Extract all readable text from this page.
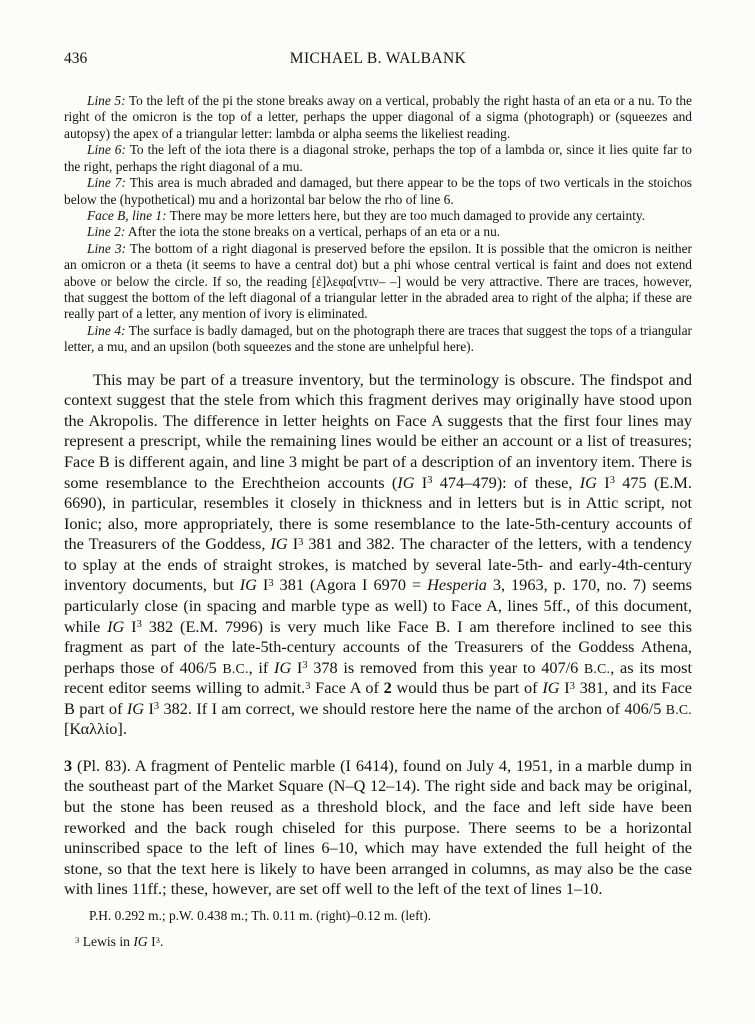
436	MICHAEL B. WALBANK

Line 5: To the left of the pi the stone breaks away on a vertical, probably the right hasta of an eta or a nu. To the right of the omicron is the top of a letter, perhaps the upper diagonal of a sigma (photograph) or (squeezes and autopsy) the apex of a triangular letter: lambda or alpha seems the likeliest reading.

Line 6: To the left of the iota there is a diagonal stroke, perhaps the top of a lambda or, since it lies quite far to the right, perhaps the right diagonal of a mu.

Line 7: This area is much abraded and damaged, but there appear to be the tops of two verticals in the stoichos below the (hypothetical) mu and a horizontal bar below the rho of line 6.

Face B, line 1: There may be more letters here, but they are too much damaged to provide any certainty.

Line 2: After the iota the stone breaks on a vertical, perhaps of an eta or a nu.

Line 3: The bottom of a right diagonal is preserved before the epsilon. It is possible that the omicron is neither an omicron or a theta (it seems to have a central dot) but a phi whose central vertical is faint and does not extend above or below the circle. If so, the reading [ἐ]λεφα[ντιν– –] would be very attractive. There are traces, however, that suggest the bottom of the left diagonal of a triangular letter in the abraded area to right of the alpha; if these are really part of a letter, any mention of ivory is eliminated.

Line 4: The surface is badly damaged, but on the photograph there are traces that suggest the tops of a triangular letter, a mu, and an upsilon (both squeezes and the stone are unhelpful here).

This may be part of a treasure inventory, but the terminology is obscure. The findspot and context suggest that the stele from which this fragment derives may originally have stood upon the Akropolis. The difference in letter heights on Face A suggests that the first four lines may represent a prescript, while the remaining lines would be either an account or a list of treasures; Face B is different again, and line 3 might be part of a description of an inventory item. There is some resemblance to the Erechtheion accounts (IG $I^3$ 474–479): of these, IG $I^3$ 475 (E.M. 6690), in particular, resembles it closely in thickness and in letters but is in Attic script, not Ionic; also, more appropriately, there is some resemblance to the late-5th-century accounts of the Treasurers of the Goddess, IG $I^3$ 381 and 382. The character of the letters, with a tendency to splay at the ends of straight strokes, is matched by several late-5th- and early-4th-century inventory documents, but IG $I^3$ 381 (Agora I 6970 = Hesperia 3, 1963, p. 170, no. 7) seems particularly close (in spacing and marble type as well) to Face A, lines 5ff., of this document, while IG $I^3$ 382 (E.M. 7996) is very much like Face B. I am therefore inclined to see this fragment as part of the late-5th-century accounts of the Treasurers of the Goddess Athena, perhaps those of 406/5 B.C., if IG $I^3$ 378 is removed from this year to 407/6 B.C., as its most recent editor seems willing to admit.$^3$ Face A of 2 would thus be part of IG $I^3$ 381, and its Face B part of IG $I^3$ 382. If I am correct, we should restore here the name of the archon of 406/5 B.C. [Καλλίο].

3 (Pl. 83). A fragment of Pentelic marble (I 6414), found on July 4, 1951, in a marble dump in the southeast part of the Market Square (N–Q 12–14). The right side and back may be original, but the stone has been reused as a threshold block, and the face and left side have been reworked and the back rough chiseled for this purpose. There seems to be a horizontal uninscribed space to the left of lines 6–10, which may have extended the full height of the stone, so that the text here is likely to have been arranged in columns, as may also be the case with lines 11ff.; these, however, are set off well to the left of the text of lines 1–10.

P.H. 0.292 m.; p.W. 0.438 m.; Th. 0.11 m. (right)–0.12 m. (left).

$^3$ Lewis in IG $I^3$.
